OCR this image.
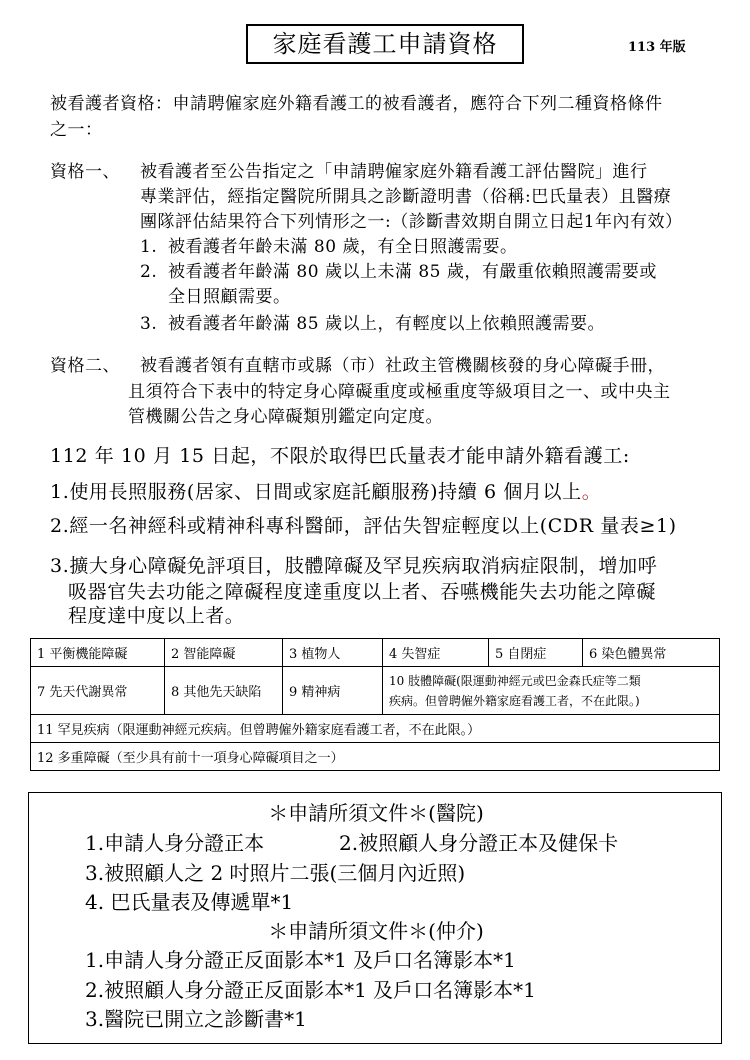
家庭看護工申請資格	113 年版
被看護者資格：申請聘僱家庭外籍看護工的被看護者，應符合下列二種資格條件
之一：
資格一、 被看護者至公告指定之「申請聘僱家庭外籍看護工評估醫院」進行
專業評估，經指定醫院所開具之診斷證明書（俗稱:巴氏量表）且醫療
團隊評估結果符合下列情形之一:（診斷書效期自開立日起1年內有效）
1. 被看護者年齡未滿 80 歲，有全日照護需要。
2. 被看護者年齡滿 80 歲以上未滿 85 歲，有嚴重依賴照護需要或
全日照顧需要。
3. 被看護者年齡滿 85 歲以上，有輕度以上依賴照護需要。
資格二、 被看護者領有直轄市或縣（市）社政主管機關核發的身心障礙手冊，
且須符合下表中的特定身心障礙重度或極重度等級項目之一、或中央主
管機關公告之身心障礙類別鑑定向定度。
112 年 10 月 15 日起，不限於取得巴氏量表才能申請外籍看護工:
1.使用長照服務(居家、日間或家庭託顧服務)持續 6 個月以上。
2.經一名神經科或精神科專科醫師，評估失智症輕度以上(CDR 量表≥1)
3.擴大身心障礙免評項目，肢體障礙及罕見疾病取消病症限制，增加呼
吸器官失去功能之障礙程度達重度以上者、吞嚥機能失去功能之障礙
程度達中度以上者。
1 平衡機能障礙	2 智能障礙	3 植物人	4 失智症	5 自閉症	6 染色體異常
7 先天代謝異常	8 其他先天缺陷	9 精神病	10 肢體障礙(限運動神經元或巴金森氏症等二類
疾病。但曾聘僱外籍家庭看護工者，不在此限。)		

11 罕見疾病（限運動神經元疾病。但曾聘僱外籍家庭看護工者，不在此限。）					
12 多重障礙（至少具有前十一項身心障礙項目之一）					
＊申請所須文件＊(醫院)
1.申請人身分證正本	2.被照顧人身分證正本及健保卡
3.被照顧人之 2 吋照片二張(三個月內近照)
4. 巴氏量表及傳遞單*1
＊申請所須文件＊(仲介)
1.申請人身分證正反面影本*1 及戶口名簿影本*1
2.被照顧人身分證正反面影本*1 及戶口名簿影本*1
3.醫院已開立之診斷書*1
